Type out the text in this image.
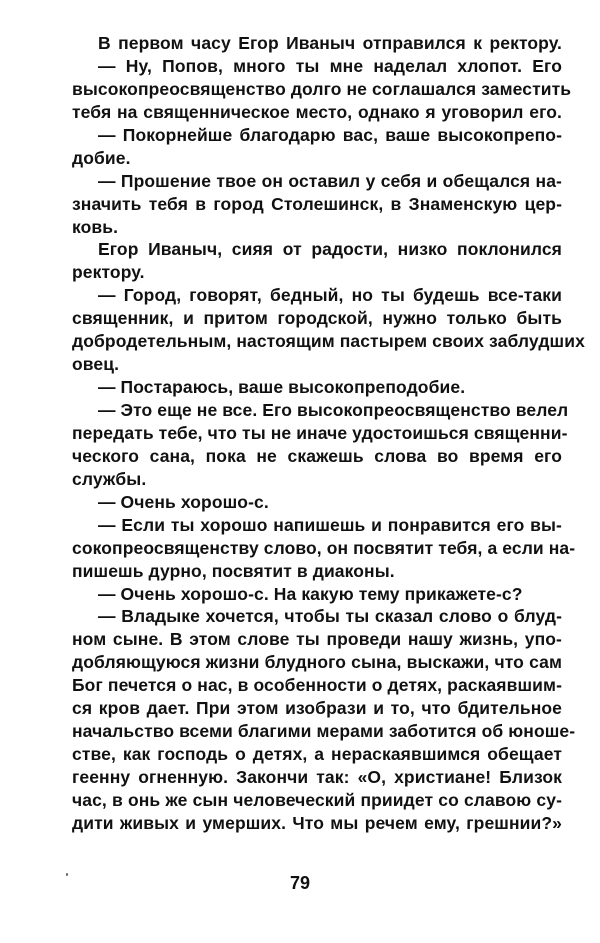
В первом часу Егор Иваныч отправился к ректору.
— Ну, Попов, много ты мне наделал хлопот. Его
высокопреосвященство долго не соглашался заместить
тебя на священническое место, однако я уговорил его.
— Покорнейше благодарю вас, ваше высокопрепо-
добие.
— Прошение твое он оставил у себя и обещался на-
значить тебя в город Столешинск, в Знаменскую цер-
ковь.
Егор Иваныч, сияя от радости, низко поклонился
ректору.
— Город, говорят, бедный, но ты будешь все-таки
священник, и притом городской, нужно только быть
добродетельным, настоящим пастырем своих заблудших
овец.
— Постараюсь, ваше высокопреподобие.
— Это еще не все. Его высокопреосвященство велел
передать тебе, что ты не иначе удостоишься священни-
ческого сана, пока не скажешь слова во время его
службы.
— Очень хорошо-с.
— Если ты хорошо напишешь и понравится его вы-
сокопреосвященству слово, он посвятит тебя, а если на-
пишешь дурно, посвятит в диаконы.
— Очень хорошо-с. На какую тему прикажете-с?
— Владыке хочется, чтобы ты сказал слово о блуд-
ном сыне. В этом слове ты проведи нашу жизнь, упо-
добляющуюся жизни блудного сына, выскажи, что сам
Бог печется о нас, в особенности о детях, раскаявшим-
ся кров дает. При этом изобрази и то, что бдительное
начальство всеми благими мерами заботится об юноше-
стве, как господь о детях, а нераскаявшимся обещает
геенну огненную. Закончи так: «О, христиане! Близок
час, в онь же сын человеческий приидет со славою су-
дити живых и умерших. Что мы речем ему, грешнии?»
79
